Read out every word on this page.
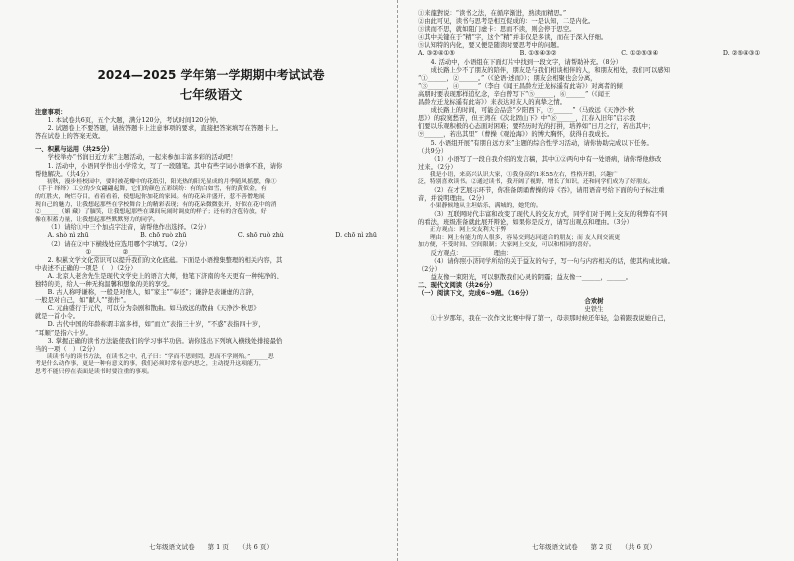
2024—2025 学年第一学期期中考试试卷
七年级语文
注意事项：
1. 本试卷共6页，五个大题，满分120分，考试时间120分钟。
2. 试题卷上不要答题，请按答题卡上注意事项的要求，直接把答案填写在答题卡上。
答在试卷上的答案无效。
一、积累与运用（共25分）
学校举办“书润日近方来”主题活动，一起来参加丰富多彩的活动吧！
1. 活动中，小语同学作出小学常文，写了一段随笔。其中有些字词小语拿不准，请你
帮他解决。（共4分）
初秋，漫步桂校园中，要时被花瓣中的花纸引，阳光热的阳光显成的月季随风摇摆，像①
（手于 绎绎）工立的少女翩翩起舞，它们的颜色五彩缤纷：有的白如雪，有的黄似金，有
的红胜火，绚烂夺目，看着看着，使想起你加花的家园。有的花朵并盛开，惹不善僧地展
现自己的魅力，让我想起那些在学校舞台上的精彩表现；有的花朵微微张开，好似在花中的消
②______（媚 藏）了腼笑，让我想起那些在课间玩闹时调皮的样子；还有的含苞待放，好
像在积蓄力量，让我想起那些默默努力的同学。
（1）请给①中三个加点字注音，请帮他作出选择。（2分）
A. shò nì zhū	B. chō ruò zhū	C. shō ruò zhù	D. chō nì zhū
（2）请在②中下横线处应选用哪个字填写。（2分）
①______　　②______
2. 积累文学文化常识可以提升我们的文化底蕴。下面是小语搜集整理的相关内容，其
中表述不正确的一项是（　）（2分）
A. 北京人老舍先生是现代文学史上的语言大师，他笔下济南的冬天更有一种纯净的、
独特的美，给人一种无拘温馨和想象的美的享受。
B. 古人称呼谦称，一般是对他人，如“家主”“奉还”；谦辞是表谦虚的言辞，
一般是对自己，如“献人”“拙作”。
C. 元曲盛行于元代，可以分为杂剧和散曲。如马致远的散曲《天净沙·秋思》
就是一首小令。
D. 古代中国的年龄称谓丰富多样，如“而立”表指三十岁，“不惑”表指四十岁，
“耳顺”是指六十岁。
3. 掌握正确的读书方法能使我们的学习事半功倍。请你选出下列填入横线处排接最恰
当的一项（　）（2分）
读读书与的读书方法，在读书之中，孔子曰：“学而不思则罔，思而不学则殆。”______思
考是什么动作事，更是一种有意义的事，我们必须时常有意内思之，主动提升这项能力，
思考不能只停在表面是读书时要注重的事项。
七年级语文试卷　　第 1 页　　（共 6 页）
①来龍對说：“读书之法，在循序渐进，熟读而精思。”
②由此可见，读书与思考是相互促成的：一是认知，二是内化。
③读而不思，就如阻门虚卡：思而不读，则会停于思空。
④其中关键在于“精”字，这个“精”并非仅是多读，而在于深入仔细。
⑤认知特的内化，要又便是随读时要思考中的问题。
A. ③②④①⑤	B. ①⑤④③②	C. ①②⑤③④	D. ②⑤④③①
4. 活动中，小语组在下面灯片中找到一段文字，请帮助补充。（8分）
成长路上少不了朋友的陪伴，朋友是与我们相谈相伴的人，和朋友相处，我们可以感知
“①______，②______。”（《论语·述而》）；朋友会相聚也会分离，
“③______，④______”（李白《闻王昌龄左迁龙标遥有此寄》）对离者的倾
高朋时要表现那样追忆念，辛白曾写下“⑤______，⑥______”（《闻王
昌龄左迁龙标遥有此寄》）来表达对友人的真挚之情。
成长路上的时间，可能会品尝“夕阳西下，⑦______”（马致远《天净沙·秋
思》）的寂寞愁苦，但王湾在《次北固山下》中“⑧______，江春入旧年”启示我
们要以乐观积极的心态面对困难；要经历时光的打拼，培养如“日月之行，若出其中；
⑨______，若出其里”（曹操《观沧海》）的博大胸怀，获得自我成长。
5. 小语组开展“有朋自远方来”主题的综合性学习活动，请你协助完成以下任务。
（共9分）
（1）小语写了一段自我介绍的发言稿，其中①②两句中有一处语病，请你帮他修改
过来。（2分）
我是小语，来高兴认识大家，①我身高约1米55左右，性格开朗，兴趣广
泛，特别喜欢读书。②通过读书，我开阔了视野，增长了知识，还和同学们成为了好朋友。
（2）在才艺展示环节，你准备朗诵曹操的诗《吞》，请用语音号给下面的句子标注重
音，并说明理由。（2分）
小果静候地从主坦姑乐，满城的，她凭的。
（3）互联网时代丰富和改变了现代人的交友方式，同学们对于网上交友的利弊有不同
的看法，班级准备就此展开辩论，如果你是反方，请写出观点和理由。（3分）
正方观点：网上交友利大于弊
理由：网上有能力的人很多，容易交到志同道合的朋友；而 友人间交流更
加方便，不受时间、空间限制；大家网上交友，可以和相同的喜好。
反方观点：______　　理由：______
（4）请你照小济同学所给的关于益友的句子，写一句与内容相关的话，使其构成比喻。
（2分）
益友像一束阳光，可以驱散我们心灵的阴霾；益友像一______，______。
二、现代文阅读（共26分）
（一）阅读下文，完成6~9题。（16分）
合欢树
史铁生
①十岁那年，我在一次作文比赛中得了第一，母亲那时候还年轻，急着跟我说她自己，
七年级语文试卷　　第 2 页　　（共 6 页）
